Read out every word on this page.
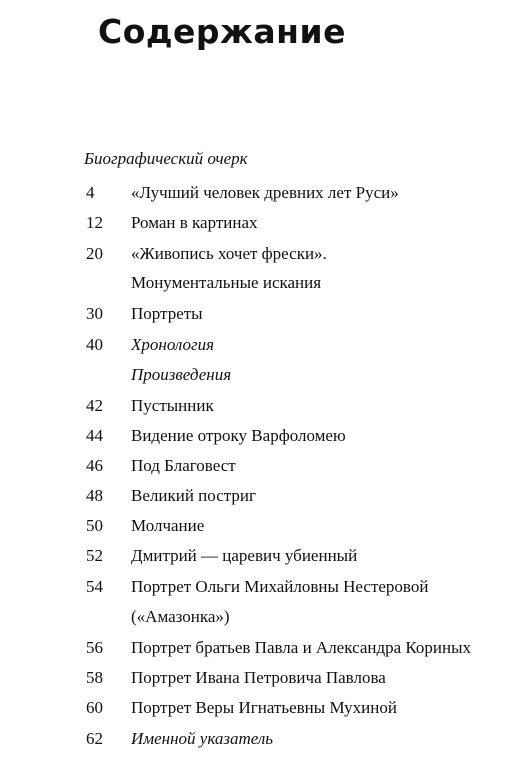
Содержание
Биографический очерк
4 «Лучший человек древних лет Руси»
12 Роман в картинах
20 «Живопись хочет фрески».
Монументальные искания
30 Портреты
40 Хронология
Произведения
42 Пустынник
44 Видение отроку Варфоломею
46 Под Благовест
48 Великий постриг
50 Молчание
52 Дмитрий — царевич убиенный
54 Портрет Ольги Михайловны Нестеровой
(«Амазонка»)
56 Портрет братьев Павла и Александра Кориных
58 Портрет Ивана Петровича Павлова
60 Портрет Веры Игнатьевны Мухиной
62 Именной указатель
